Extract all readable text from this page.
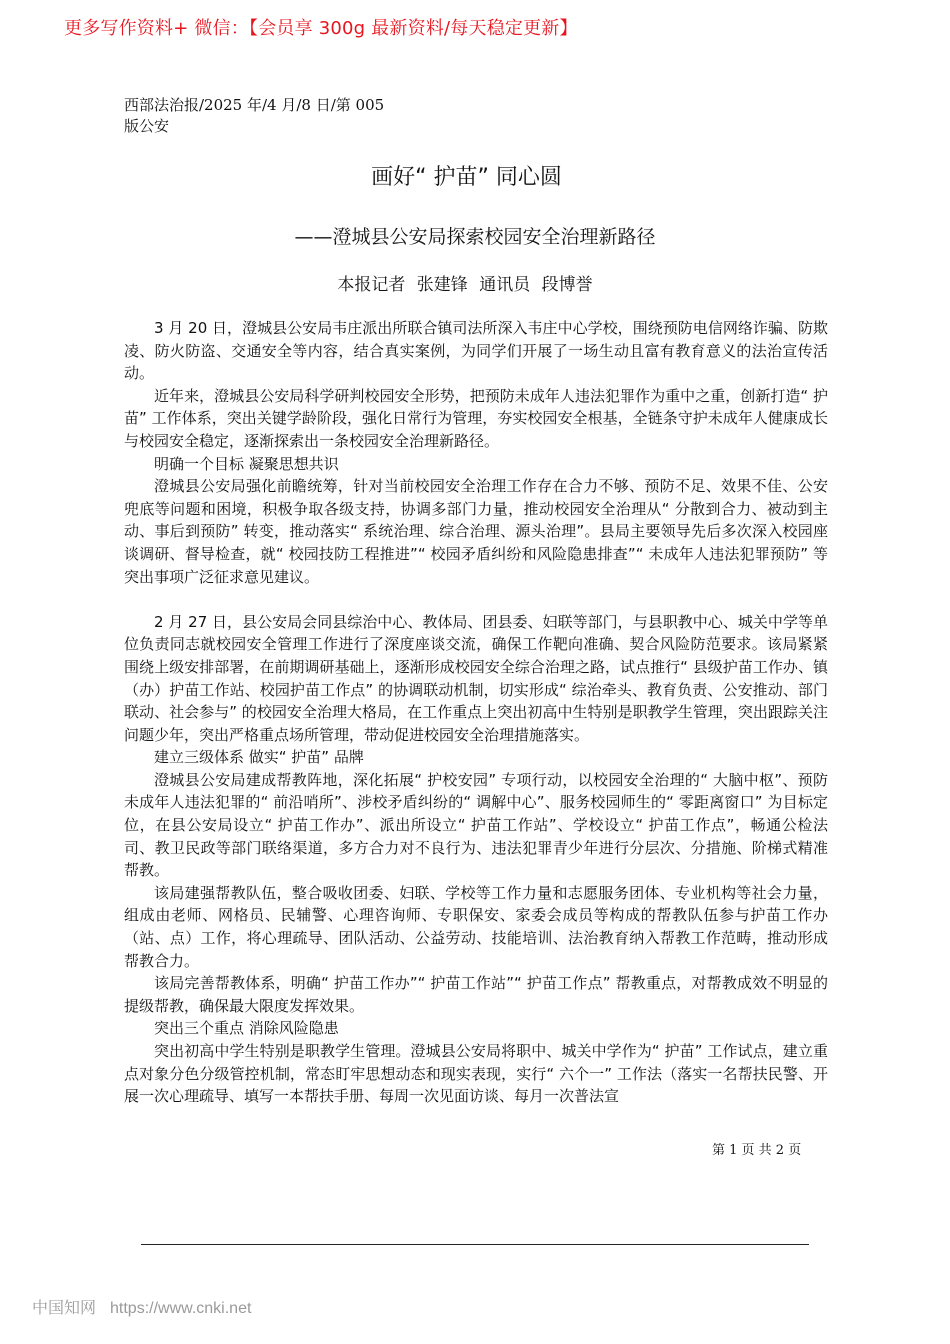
更多写作资料+ 微信：【会员享 300g 最新资料/每天稳定更新】
西部法治报/2025 年/4 月/8 日/第 005
版公安
画好“ 护苗” 同心圆
——澄城县公安局探索校园安全治理新路径
本报记者 张建锋 通讯员 段博誉

3 月 20 日，澄城县公安局韦庄派出所联合镇司法所深入韦庄中心学校，围绕预防电信网络诈骗、防欺凌、防火防盗、交通安全等内容，结合真实案例，为同学们开展了一场生动且富有教育意义的法治宣传活动。

近年来，澄城县公安局科学研判校园安全形势，把预防未成年人违法犯罪作为重中之重，创新打造“ 护苗” 工作体系，突出关键学龄阶段，强化日常行为管理，夯实校园安全根基，全链条守护未成年人健康成长与校园安全稳定，逐渐探索出一条校园安全治理新路径。

明确一个目标 凝聚思想共识

澄城县公安局强化前瞻统筹，针对当前校园安全治理工作存在合力不够、预防不足、效果不佳、公安兜底等问题和困境，积极争取各级支持，协调多部门力量，推动校园安全治理从“ 分散到合力、被动到主动、事后到预防” 转变，推动落实“ 系统治理、综合治理、源头治理”。县局主要领导先后多次深入校园座谈调研、督导检查，就“ 校园技防工程推进”“ 校园矛盾纠纷和风险隐患排查”“ 未成年人违法犯罪预防” 等突出事项广泛征求意见建议。

2 月 27 日，县公安局会同县综治中心、教体局、团县委、妇联等部门，与县职教中心、城关中学等单位负责同志就校园安全管理工作进行了深度座谈交流，确保工作靶向准确、契合风险防范要求。该局紧紧围绕上级安排部署，在前期调研基础上，逐渐形成校园安全综合治理之路，试点推行“ 县级护苗工作办、镇（办）护苗工作站、校园护苗工作点” 的协调联动机制，切实形成“ 综治牵头、教育负责、公安推动、部门联动、社会参与” 的校园安全治理大格局，在工作重点上突出初高中生特别是职教学生管理，突出跟踪关注问题少年，突出严格重点场所管理，带动促进校园安全治理措施落实。

建立三级体系 做实“ 护苗” 品牌

澄城县公安局建成帮教阵地，深化拓展“ 护校安园” 专项行动，以校园安全治理的“ 大脑中枢”、预防未成年人违法犯罪的“ 前沿哨所”、涉校矛盾纠纷的“ 调解中心”、服务校园师生的“ 零距离窗口” 为目标定位，在县公安局设立“ 护苗工作办”、派出所设立“ 护苗工作站”、学校设立“ 护苗工作点”，畅通公检法司、教卫民政等部门联络渠道，多方合力对不良行为、违法犯罪青少年进行分层次、分措施、阶梯式精准帮教。

该局建强帮教队伍，整合吸收团委、妇联、学校等工作力量和志愿服务团体、专业机构等社会力量，组成由老师、网格员、民辅警、心理咨询师、专职保安、家委会成员等构成的帮教队伍参与护苗工作办（站、点）工作，将心理疏导、团队活动、公益劳动、技能培训、法治教育纳入帮教工作范畴，推动形成帮教合力。

该局完善帮教体系，明确“ 护苗工作办”“ 护苗工作站”“ 护苗工作点” 帮教重点，对帮教成效不明显的提级帮教，确保最大限度发挥效果。

突出三个重点 消除风险隐患

突出初高中学生特别是职教学生管理。澄城县公安局将职中、城关中学作为“ 护苗” 工作试点，建立重点对象分色分级管控机制，常态盯牢思想动态和现实表现，实行“ 六个一” 工作法（落实一名帮扶民警、开展一次心理疏导、填写一本帮扶手册、每周一次见面访谈、每月一次普法宣

第 1 页 共 2 页
中国知网 https://www.cnki.net
